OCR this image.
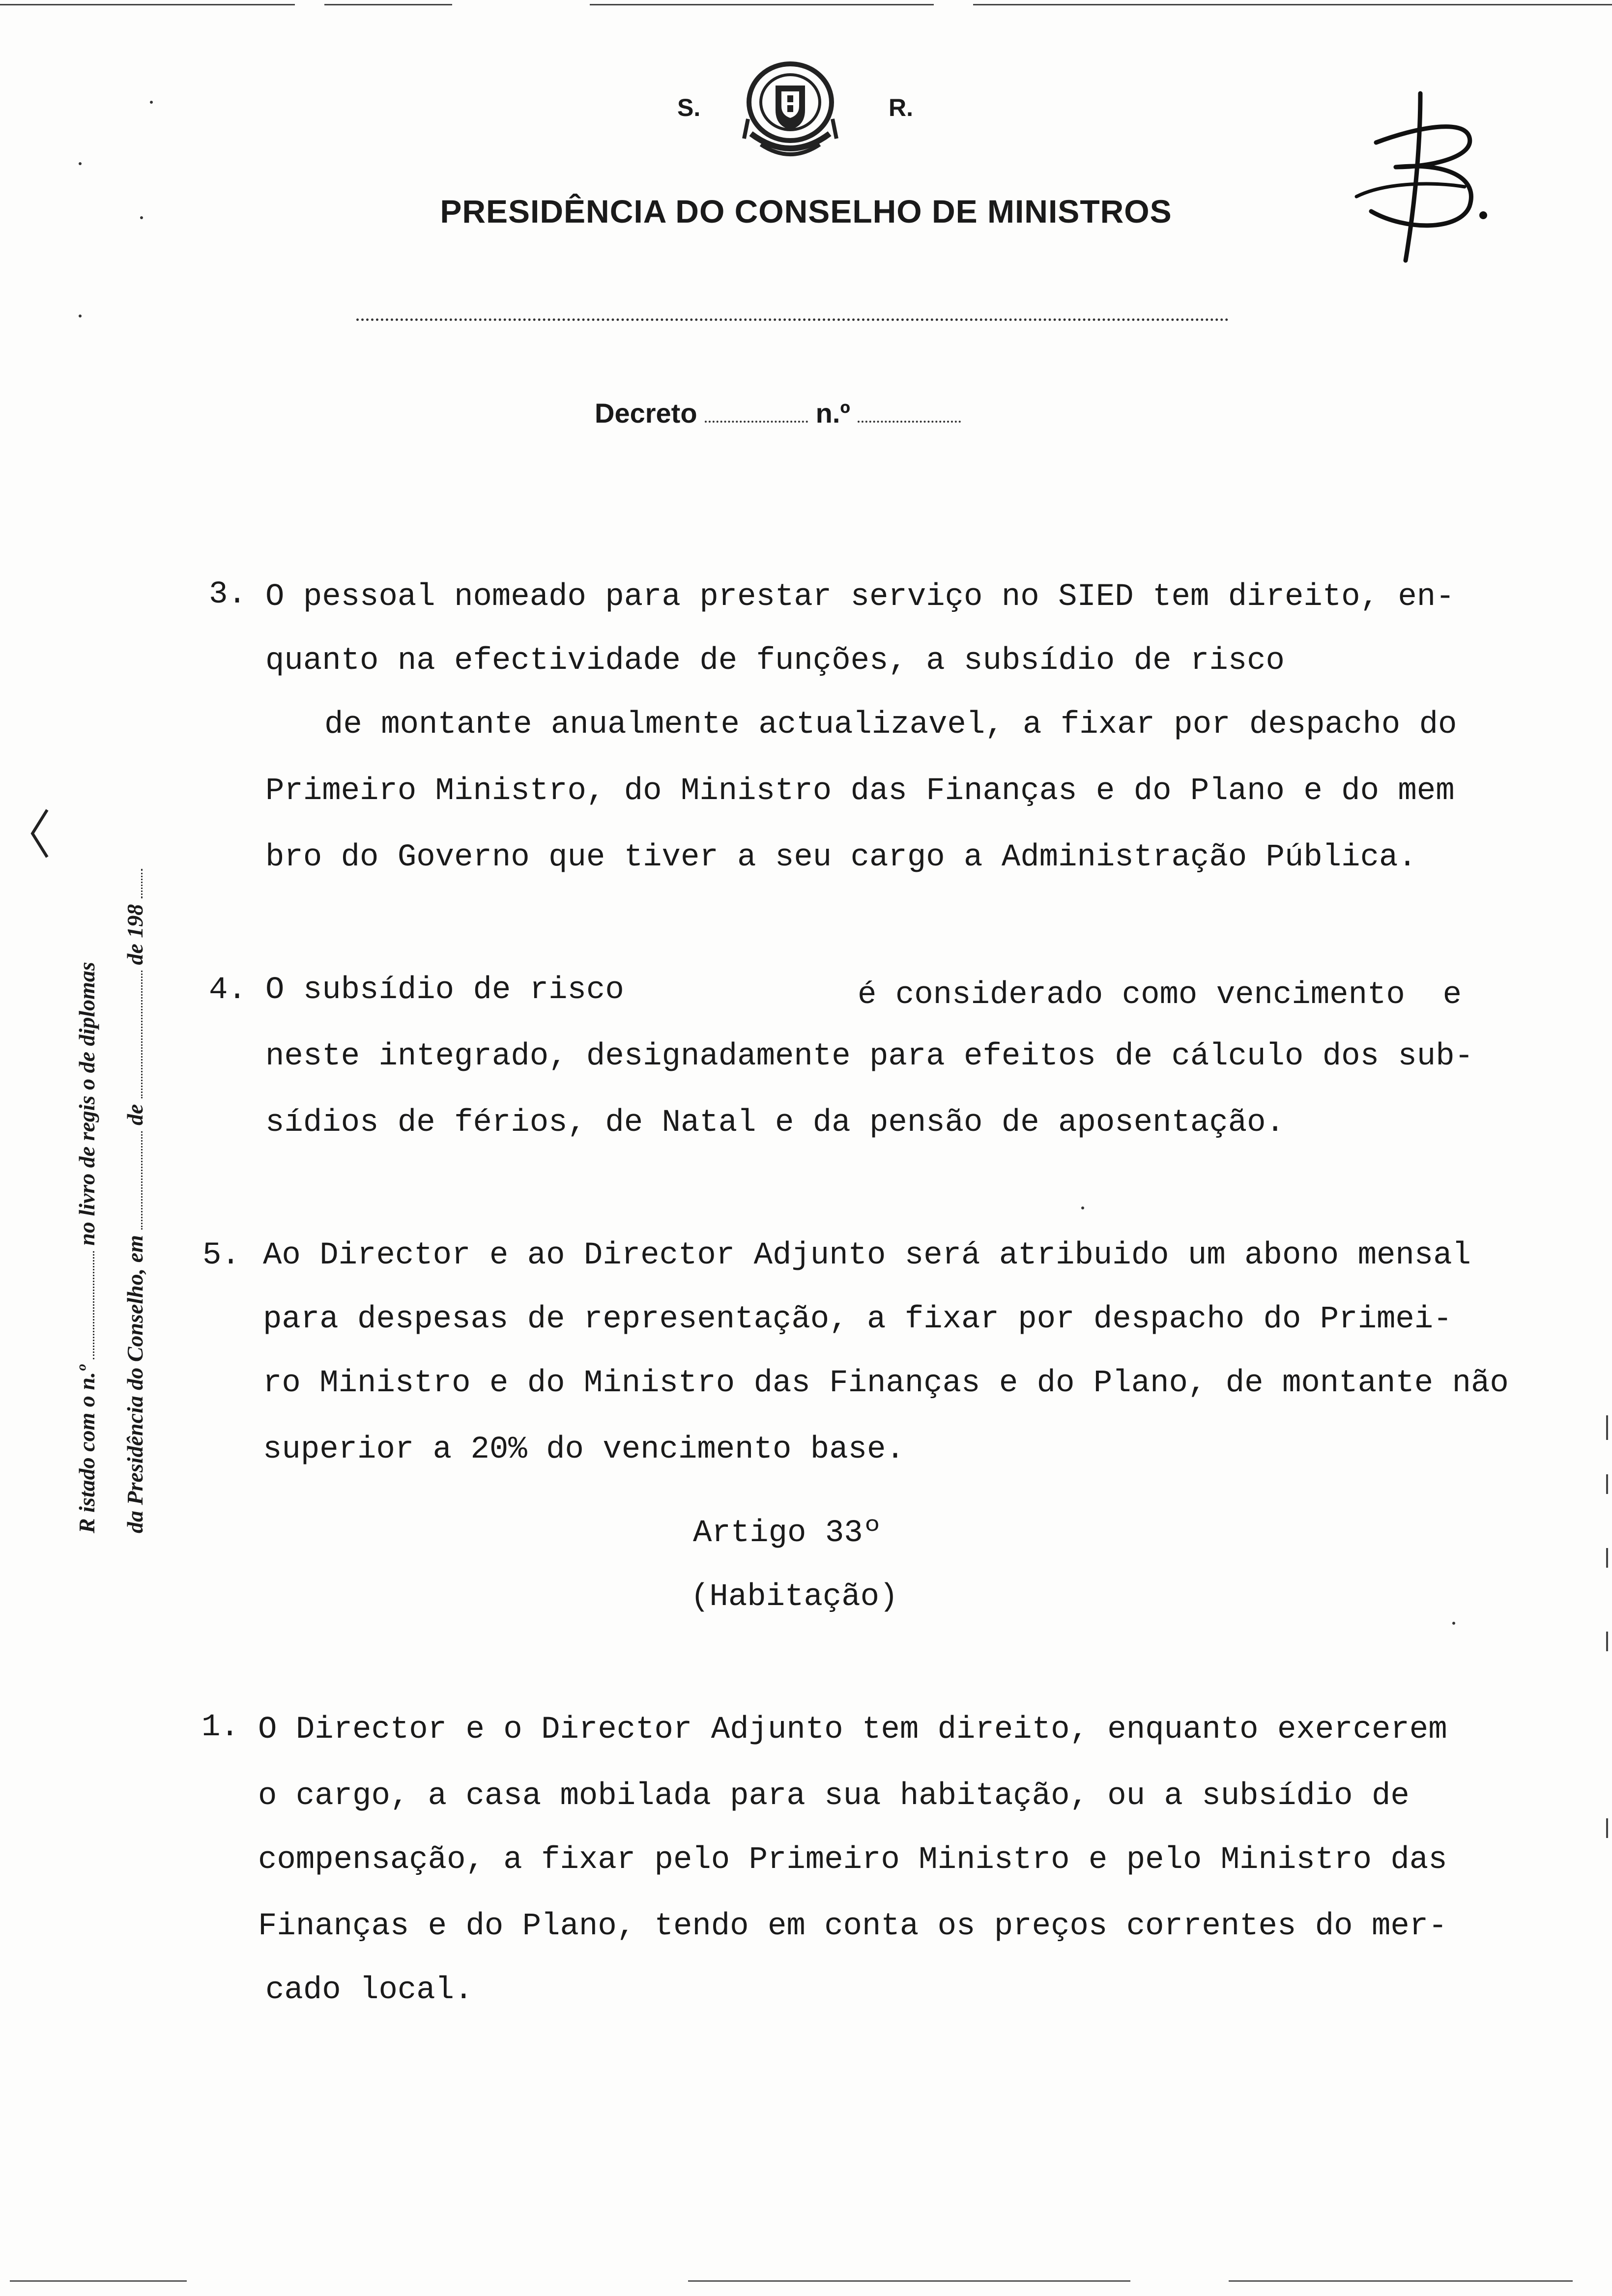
S.	R.
PRESIDÊNCIA DO CONSELHO DE MINISTROS
Decreto	n.º
R istado com o n.º  no livro de regis o de diplomas
da Presidência do Conselho, em  de  de 198
3. O pessoal nomeado para prestar serviço no SIED tem direito, en-
quanto na efectividade de funções, a subsídio de risco
de montante anualmente actualizavel, a fixar por despacho do
Primeiro Ministro, do Ministro das Finanças e do Plano e do mem
bro do Governo que tiver a seu cargo a Administração Pública.
4. O subsídio de risco	é considerado como vencimento  e
neste integrado, designadamente para efeitos de cálculo dos sub-
sídios de férios, de Natal e da pensão de aposentação.
5. Ao Director e ao Director Adjunto será atribuido um abono mensal
para despesas de representação, a fixar por despacho do Primei-
ro Ministro e do Ministro das Finanças e do Plano, de montante não
superior a 20% do vencimento base.
Artigo 33º
(Habitação)
1. O Director e o Director Adjunto tem direito, enquanto exercerem
o cargo, a casa mobilada para sua habitação, ou a subsídio de
compensação, a fixar pelo Primeiro Ministro e pelo Ministro das
Finanças e do Plano, tendo em conta os preços correntes do mer-
cado local.
